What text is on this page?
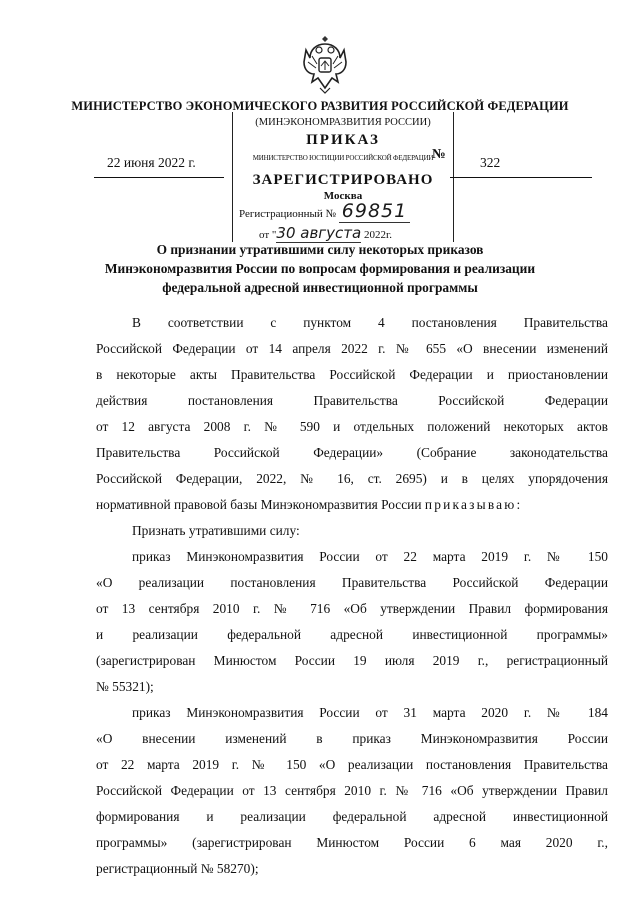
МИНИСТЕРСТВО ЭКОНОМИЧЕСКОГО РАЗВИТИЯ РОССИЙСКОЙ ФЕДЕРАЦИИ
(МИНЭКОНОМРАЗВИТИЯ РОССИИ)
ПРИКАЗ
МИНИСТЕРСТВО ЮСТИЦИИ РОССИЙСКОЙ ФЕДЕРАЦИИ
ЗАРЕГИСТРИРОВАНО
Москва
Регистрационный № 69851
от "30 августа 2022г.
22 июня 2022 г.
№
322
О признании утратившими силу некоторых приказов
Минэкономразвития России по вопросам формирования и реализации
федеральной адресной инвестиционной программы
В соответствии с пунктом 4 постановления Правительства
Российской Федерации от 14 апреля 2022 г. № 655 «О внесении изменений
в некоторые акты Правительства Российской Федерации и приостановлении
действия постановления Правительства Российской Федерации
от 12 августа 2008 г. № 590 и отдельных положений некоторых актов
Правительства Российской Федерации» (Собрание законодательства
Российской Федерации, 2022, № 16, ст. 2695) и в целях упорядочения
нормативной правовой базы Минэкономразвития России приказываю:
Признать утратившими силу:
приказ Минэкономразвития России от 22 марта 2019 г. № 150
«О реализации постановления Правительства Российской Федерации
от 13 сентября 2010 г. № 716 «Об утверждении Правил формирования
и реализации федеральной адресной инвестиционной программы»
(зарегистрирован Минюстом России 19 июля 2019 г., регистрационный
№ 55321);
приказ Минэкономразвития России от 31 марта 2020 г. № 184
«О внесении изменений в приказ Минэкономразвития России
от 22 марта 2019 г. № 150 «О реализации постановления Правительства
Российской Федерации от 13 сентября 2010 г. № 716 «Об утверждении Правил
формирования и реализации федеральной адресной инвестиционной
программы» (зарегистрирован Минюстом России 6 мая 2020 г.,
регистрационный № 58270);
